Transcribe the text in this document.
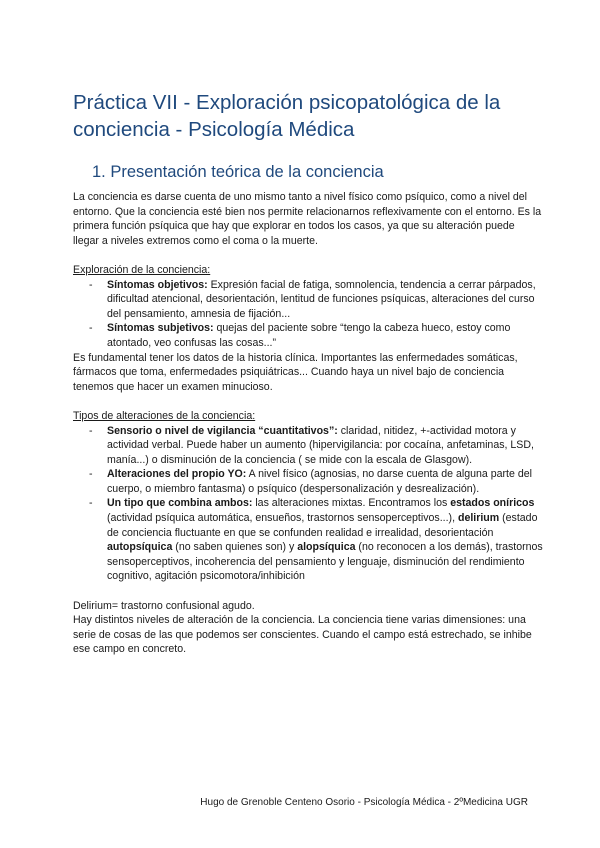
Práctica VII - Exploración psicopatológica de la conciencia - Psicología Médica
1. Presentación teórica de la conciencia

La conciencia es darse cuenta de uno mismo tanto a nivel físico como psíquico, como a nivel del entorno. Que la conciencia esté bien nos permite relacionarnos reflexivamente con el entorno. Es la primera función psíquica que hay que explorar en todos los casos, ya que su alteración puede llegar a niveles extremos como el coma o la muerte.

Exploración de la conciencia:

- Síntomas objetivos: Expresión facial de fatiga, somnolencia, tendencia a cerrar párpados, dificultad atencional, desorientación, lentitud de funciones psíquicas, alteraciones del curso del pensamiento, amnesia de fijación...
- Síntomas subjetivos: quejas del paciente sobre “tengo la cabeza hueco, estoy como atontado, veo confusas las cosas...”

Es fundamental tener los datos de la historia clínica. Importantes las enfermedades somáticas, fármacos que toma, enfermedades psiquiátricas... Cuando haya un nivel bajo de conciencia tenemos que hacer un examen minucioso.

Tipos de alteraciones de la conciencia:

- Sensorio o nivel de vigilancia “cuantitativos”: claridad, nitidez, +-actividad motora y actividad verbal. Puede haber un aumento (hipervigilancia: por cocaína, anfetaminas, LSD, manía...) o disminución de la conciencia ( se mide con la escala de Glasgow).
- Alteraciones del propio YO: A nivel físico (agnosias, no darse cuenta de alguna parte del cuerpo, o miembro fantasma) o psíquico (despersonalización y desrealización).
- Un tipo que combina ambos: las alteraciones mixtas. Encontramos los estados oníricos (actividad psíquica automática, ensueños, trastornos sensoperceptivos...), delirium (estado de conciencia fluctuante en que se confunden realidad e irrealidad, desorientación autopsíquica (no saben quienes son) y alopsíquica (no reconocen a los demás), trastornos sensoperceptivos, incoherencia del pensamiento y lenguaje, disminución del rendimiento cognitivo, agitación psicomotora/inhibición

Delirium= trastorno confusional agudo.

Hay distintos niveles de alteración de la conciencia. La conciencia tiene varias dimensiones: una serie de cosas de las que podemos ser conscientes. Cuando el campo está estrechado, se inhibe ese campo en concreto.

Hugo de Grenoble Centeno Osorio - Psicología Médica - 2ºMedicina UGR
